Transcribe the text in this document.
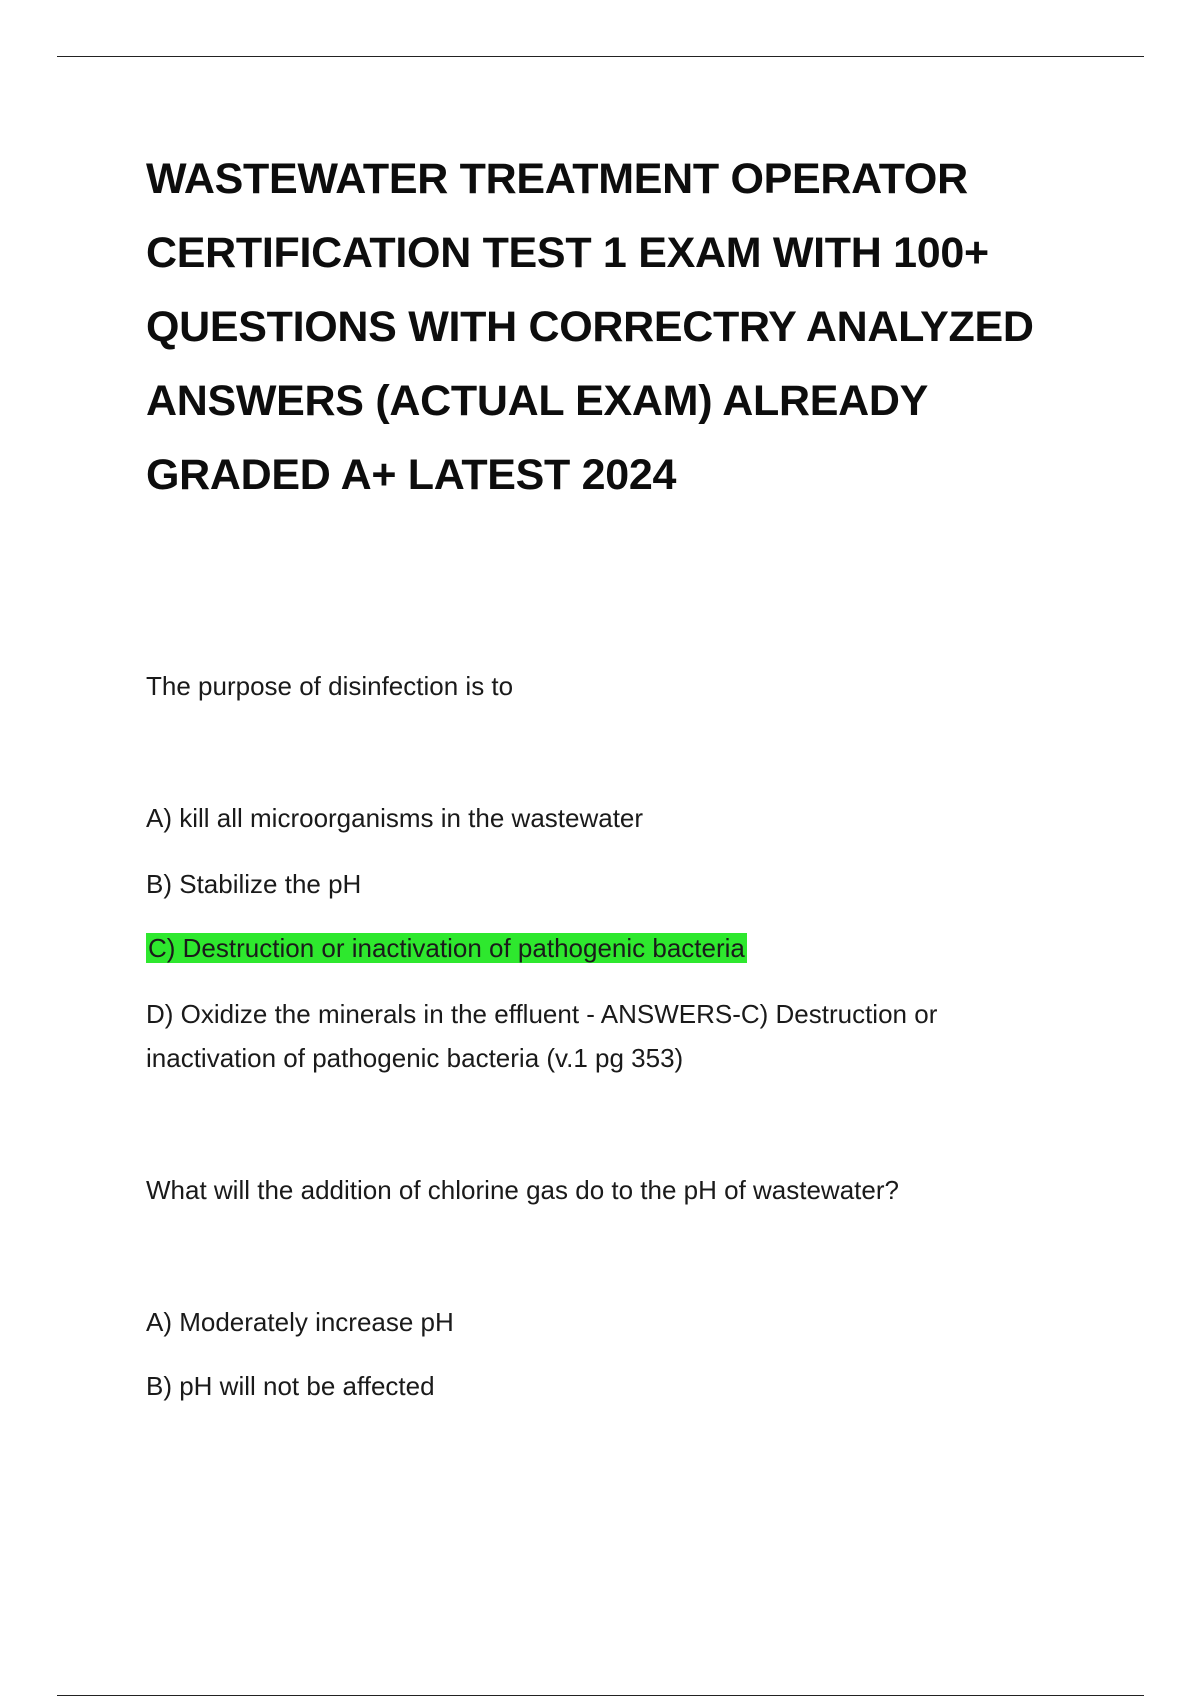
WASTEWATER TREATMENT OPERATOR CERTIFICATION TEST 1 EXAM WITH 100+ QUESTIONS WITH CORRECTRY ANALYZED ANSWERS (ACTUAL EXAM) ALREADY GRADED A+ LATEST 2024

The purpose of disinfection is to

A) kill all microorganisms in the wastewater

B) Stabilize the pH

C) Destruction or inactivation of pathogenic bacteria

D) Oxidize the minerals in the effluent - ANSWERS-C) Destruction or inactivation of pathogenic bacteria (v.1 pg 353)

What will the addition of chlorine gas do to the pH of wastewater?

A) Moderately increase pH

B) pH will not be affected
